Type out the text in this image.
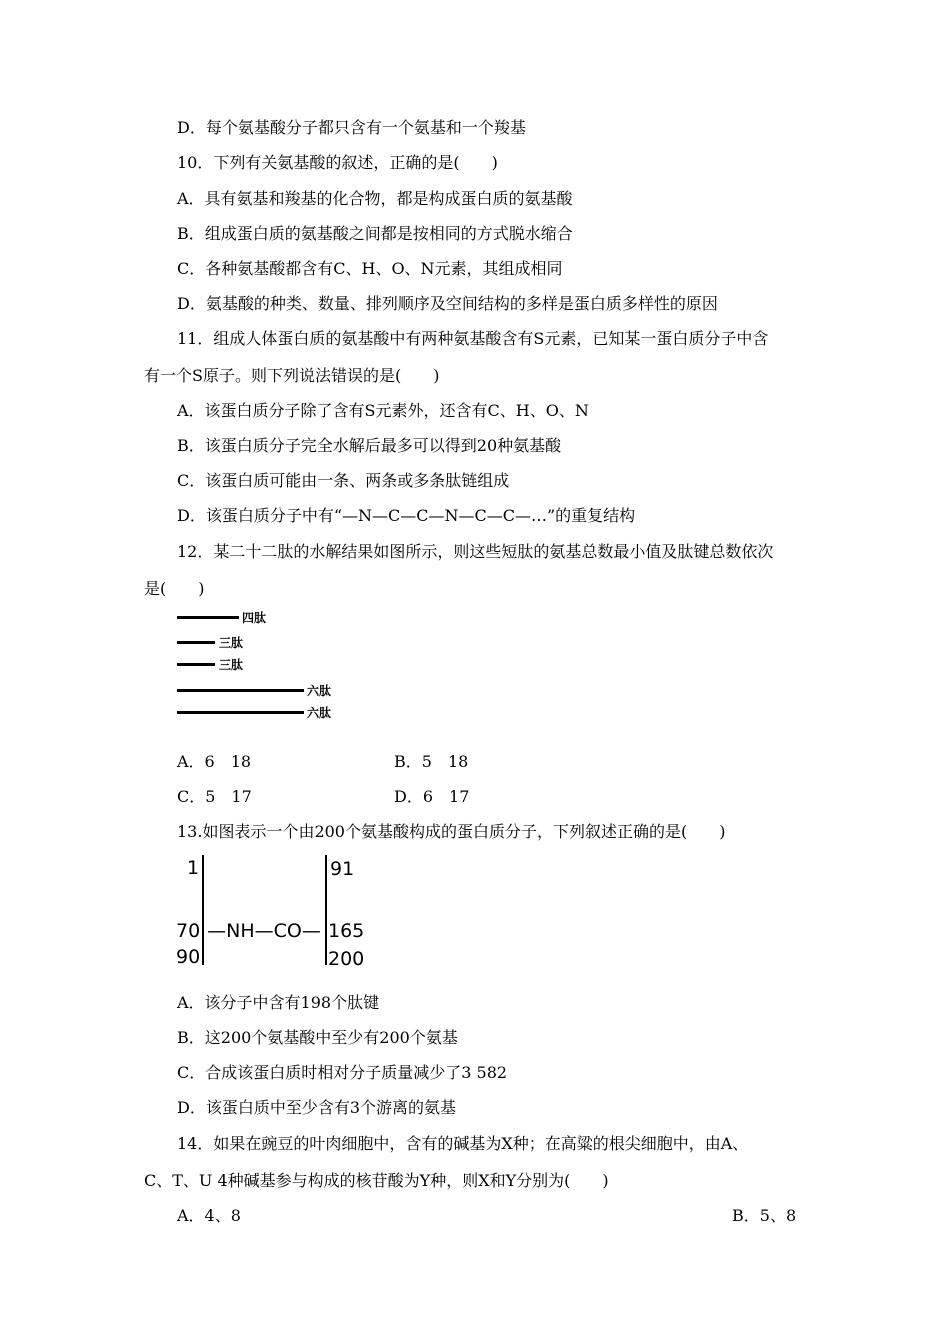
D．每个氨基酸分子都只含有一个氨基和一个羧基
10．下列有关氨基酸的叙述，正确的是(　　)
A．具有氨基和羧基的化合物，都是构成蛋白质的氨基酸
B．组成蛋白质的氨基酸之间都是按相同的方式脱水缩合
C．各种氨基酸都含有C、H、O、N元素，其组成相同
D．氨基酸的种类、数量、排列顺序及空间结构的多样是蛋白质多样性的原因
11．组成人体蛋白质的氨基酸中有两种氨基酸含有S元素，已知某一蛋白质分子中含
有一个S原子。则下列说法错误的是(　　)
A．该蛋白质分子除了含有S元素外，还含有C、H、O、N
B．该蛋白质分子完全水解后最多可以得到20种氨基酸
C．该蛋白质可能由一条、两条或多条肽链组成
D．该蛋白质分子中有“—N—C—C—N—C—C—…”的重复结构
12．某二十二肽的水解结果如图所示，则这些短肽的氨基总数最小值及肽键总数依次
是(　　)
四肽
三肽
三肽
六肽
六肽
A．6　18	B．5　18
C．5　17	D．6　17
13.如图表示一个由200个氨基酸构成的蛋白质分子，下列叙述正确的是(　　)
1
70
90
—NH—CO—
91
165
200
A．该分子中含有198个肽键
B．这200个氨基酸中至少有200个氨基
C．合成该蛋白质时相对分子质量减少了3 582
D．该蛋白质中至少含有3个游离的氨基
14．如果在豌豆的叶肉细胞中，含有的碱基为X种；在高粱的根尖细胞中，由A、
C、T、U 4种碱基参与构成的核苷酸为Y种，则X和Y分别为(　　)
A．4、8	B．5、8
